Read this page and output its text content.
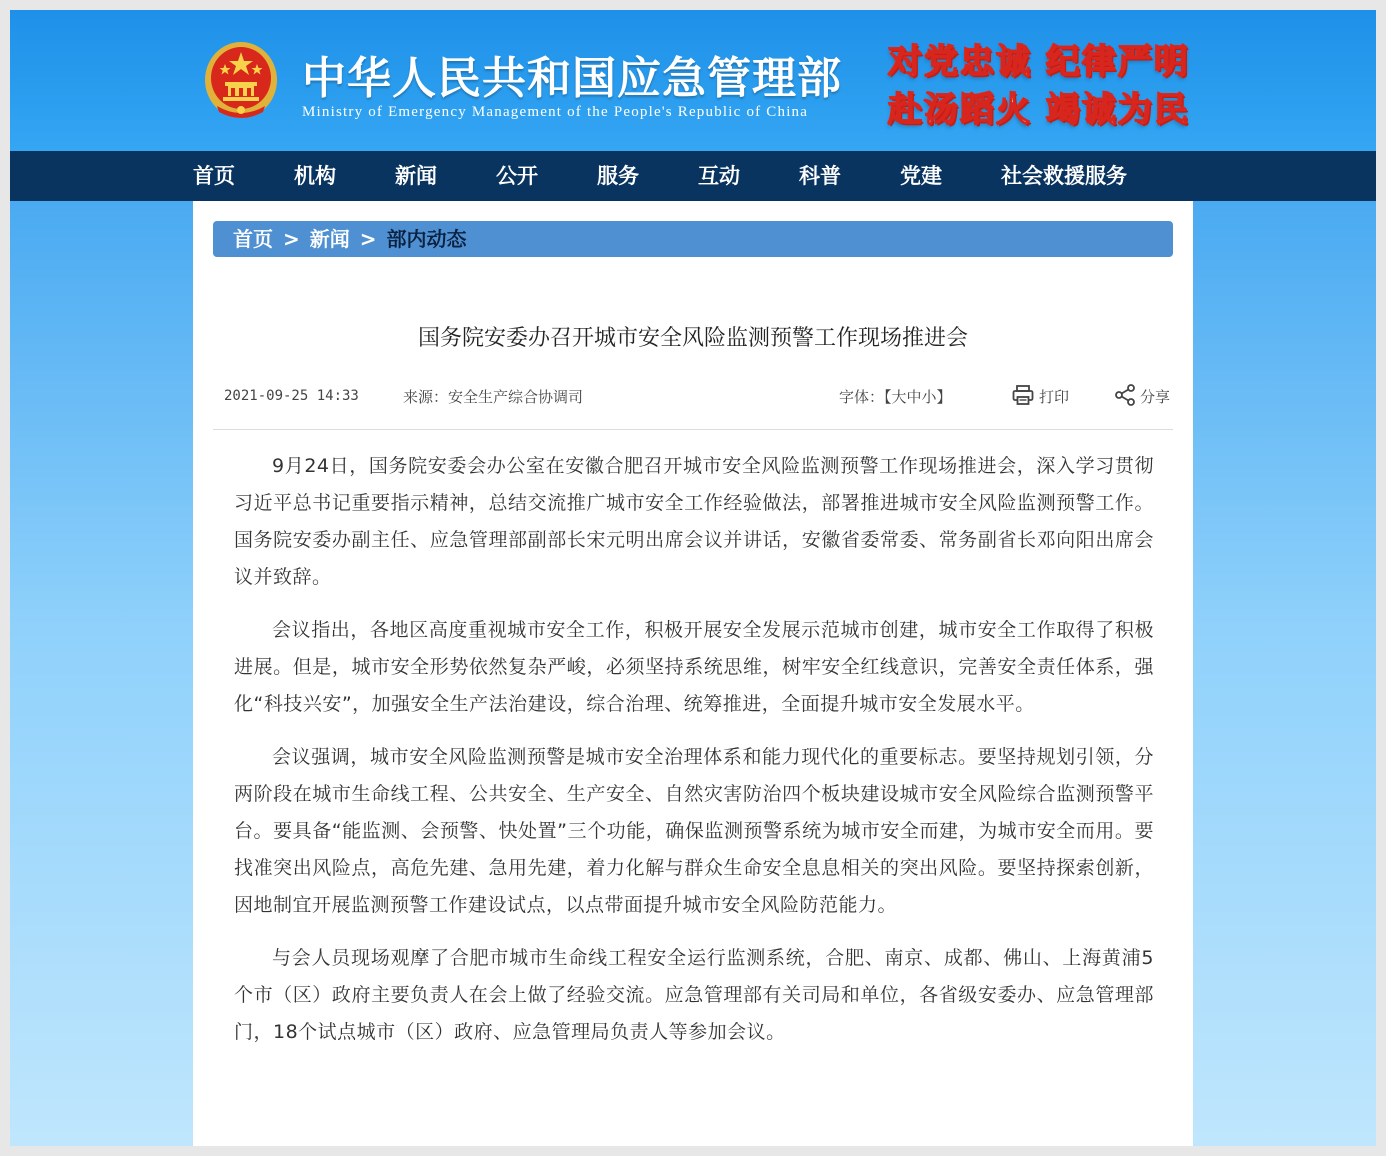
中华人民共和国应急管理部
Ministry of Emergency Management of the People's Republic of China
对党忠诚 纪律严明
赴汤蹈火 竭诚为民
首页	机构	新闻	公开	服务	互动	科普	党建	社会救援服务
首页 > 新闻 > 部内动态
国务院安委办召开城市安全风险监测预警工作现场推进会
2021-09-25 14:33	来源：安全生产综合协调司	字体：【大中小】	打印	分享

9月24日，国务院安委会办公室在安徽合肥召开城市安全风险监测预警工作现场推进会，深入学习贯彻习近平总书记重要指示精神，总结交流推广城市安全工作经验做法，部署推进城市安全风险监测预警工作。国务院安委办副主任、应急管理部副部长宋元明出席会议并讲话，安徽省委常委、常务副省长邓向阳出席会议并致辞。

会议指出，各地区高度重视城市安全工作，积极开展安全发展示范城市创建，城市安全工作取得了积极进展。但是，城市安全形势依然复杂严峻，必须坚持系统思维，树牢安全红线意识，完善安全责任体系，强化“科技兴安”，加强安全生产法治建设，综合治理、统筹推进，全面提升城市安全发展水平。

会议强调，城市安全风险监测预警是城市安全治理体系和能力现代化的重要标志。要坚持规划引领，分两阶段在城市生命线工程、公共安全、生产安全、自然灾害防治四个板块建设城市安全风险综合监测预警平台。要具备“能监测、会预警、快处置”三个功能，确保监测预警系统为城市安全而建，为城市安全而用。要找准突出风险点，高危先建、急用先建，着力化解与群众生命安全息息相关的突出风险。要坚持探索创新，因地制宜开展监测预警工作建设试点，以点带面提升城市安全风险防范能力。

与会人员现场观摩了合肥市城市生命线工程安全运行监测系统，合肥、南京、成都、佛山、上海黄浦5个市（区）政府主要负责人在会上做了经验交流。应急管理部有关司局和单位，各省级安委办、应急管理部门，18个试点城市（区）政府、应急管理局负责人等参加会议。
